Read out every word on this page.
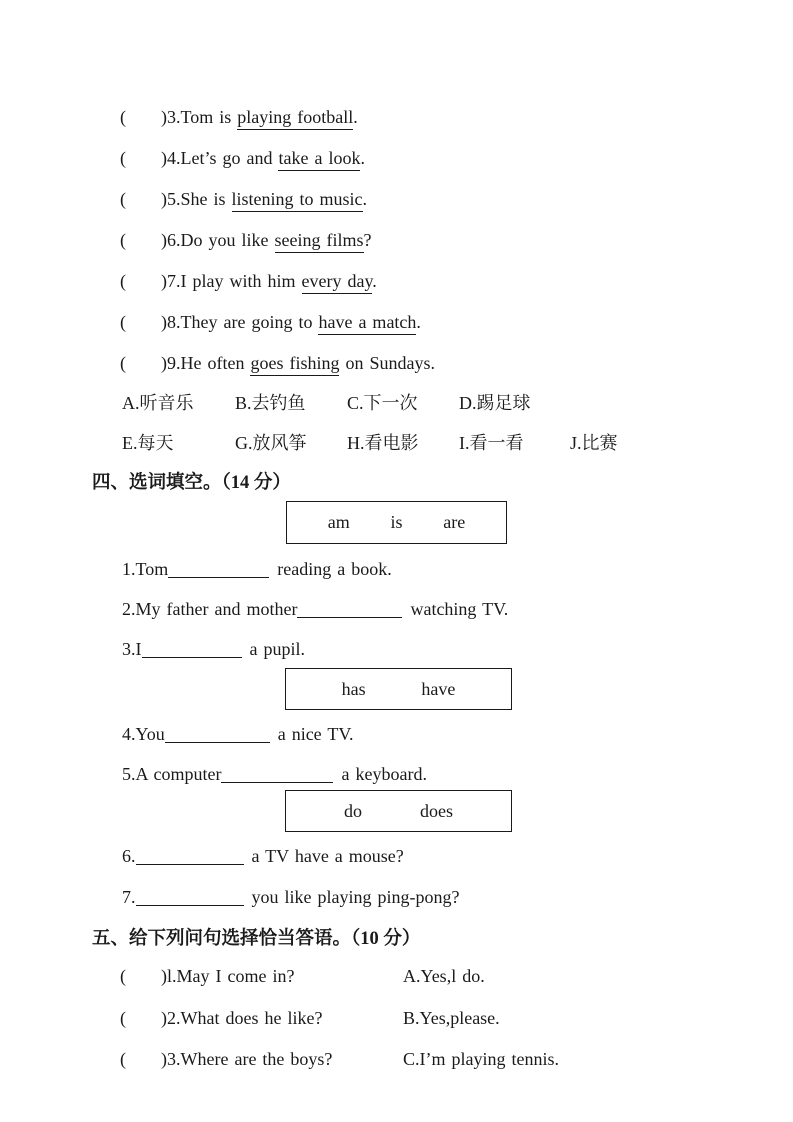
( )3.Tom is playing football.
( )4.Let’s go and take a look.
( )5.She is listening to music.
( )6.Do you like seeing films?
( )7.I play with him every day.
( )8.They are going to have a match.
( )9.He often goes fishing on Sundays.
A.听音乐 B.去钓鱼 C.下一次 D.踢足球
E.每天	G.放风筝 H.看电影 I.看一看	J.比赛
四、选词填空。（14 分）
am is are
1.Tom	reading a book.
2.My father and mother	watching TV.
3.I	a pupil.
has	have
4.You	a nice TV.
5.A computer	a keyboard.
do	does
6.	a TV have a mouse?
7.	you like playing ping-pong?
五、给下列问句选择恰当答语。（10 分）
( )l.May I come in?	A.Yes,l do.
( )2.What does he like?	B.Yes,please.
( )3.Where are the boys?	C.I’m playing tennis.
